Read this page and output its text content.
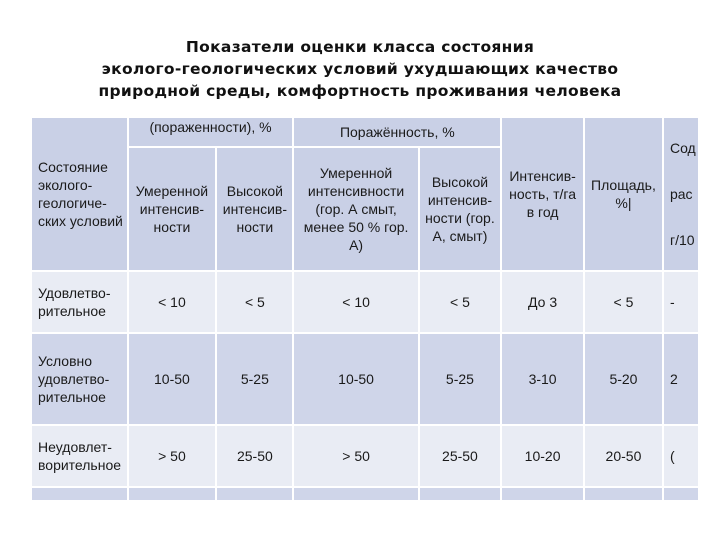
Показатели оценки класса состояния
эколого-геологических условий ухудшающих качество
природной среды, комфортность проживания человека
Состояние эколого-геологиче-ских условий	(пораженности), %		Поражённость, %		Интенсив-ность, т/га в год	Площадь, %|	Сод
рас
г/10

	Умеренной интенсив-ности	Высокой интенсив-ности	Умеренной интенсивности (гор. А смыт, менее 50 % гор. А)	Высокой интенсив-ности (гор. А, смыт)			
Удовлетво-рительное	< 10	< 5	< 10	< 5	До 3	< 5	-
Условно удовлетво-рительное	10-50	5-25	10-50	5-25	3-10	5-20	2
Неудовлет-ворительное	> 50	25-50	> 50	25-50	10-20	20-50	(
